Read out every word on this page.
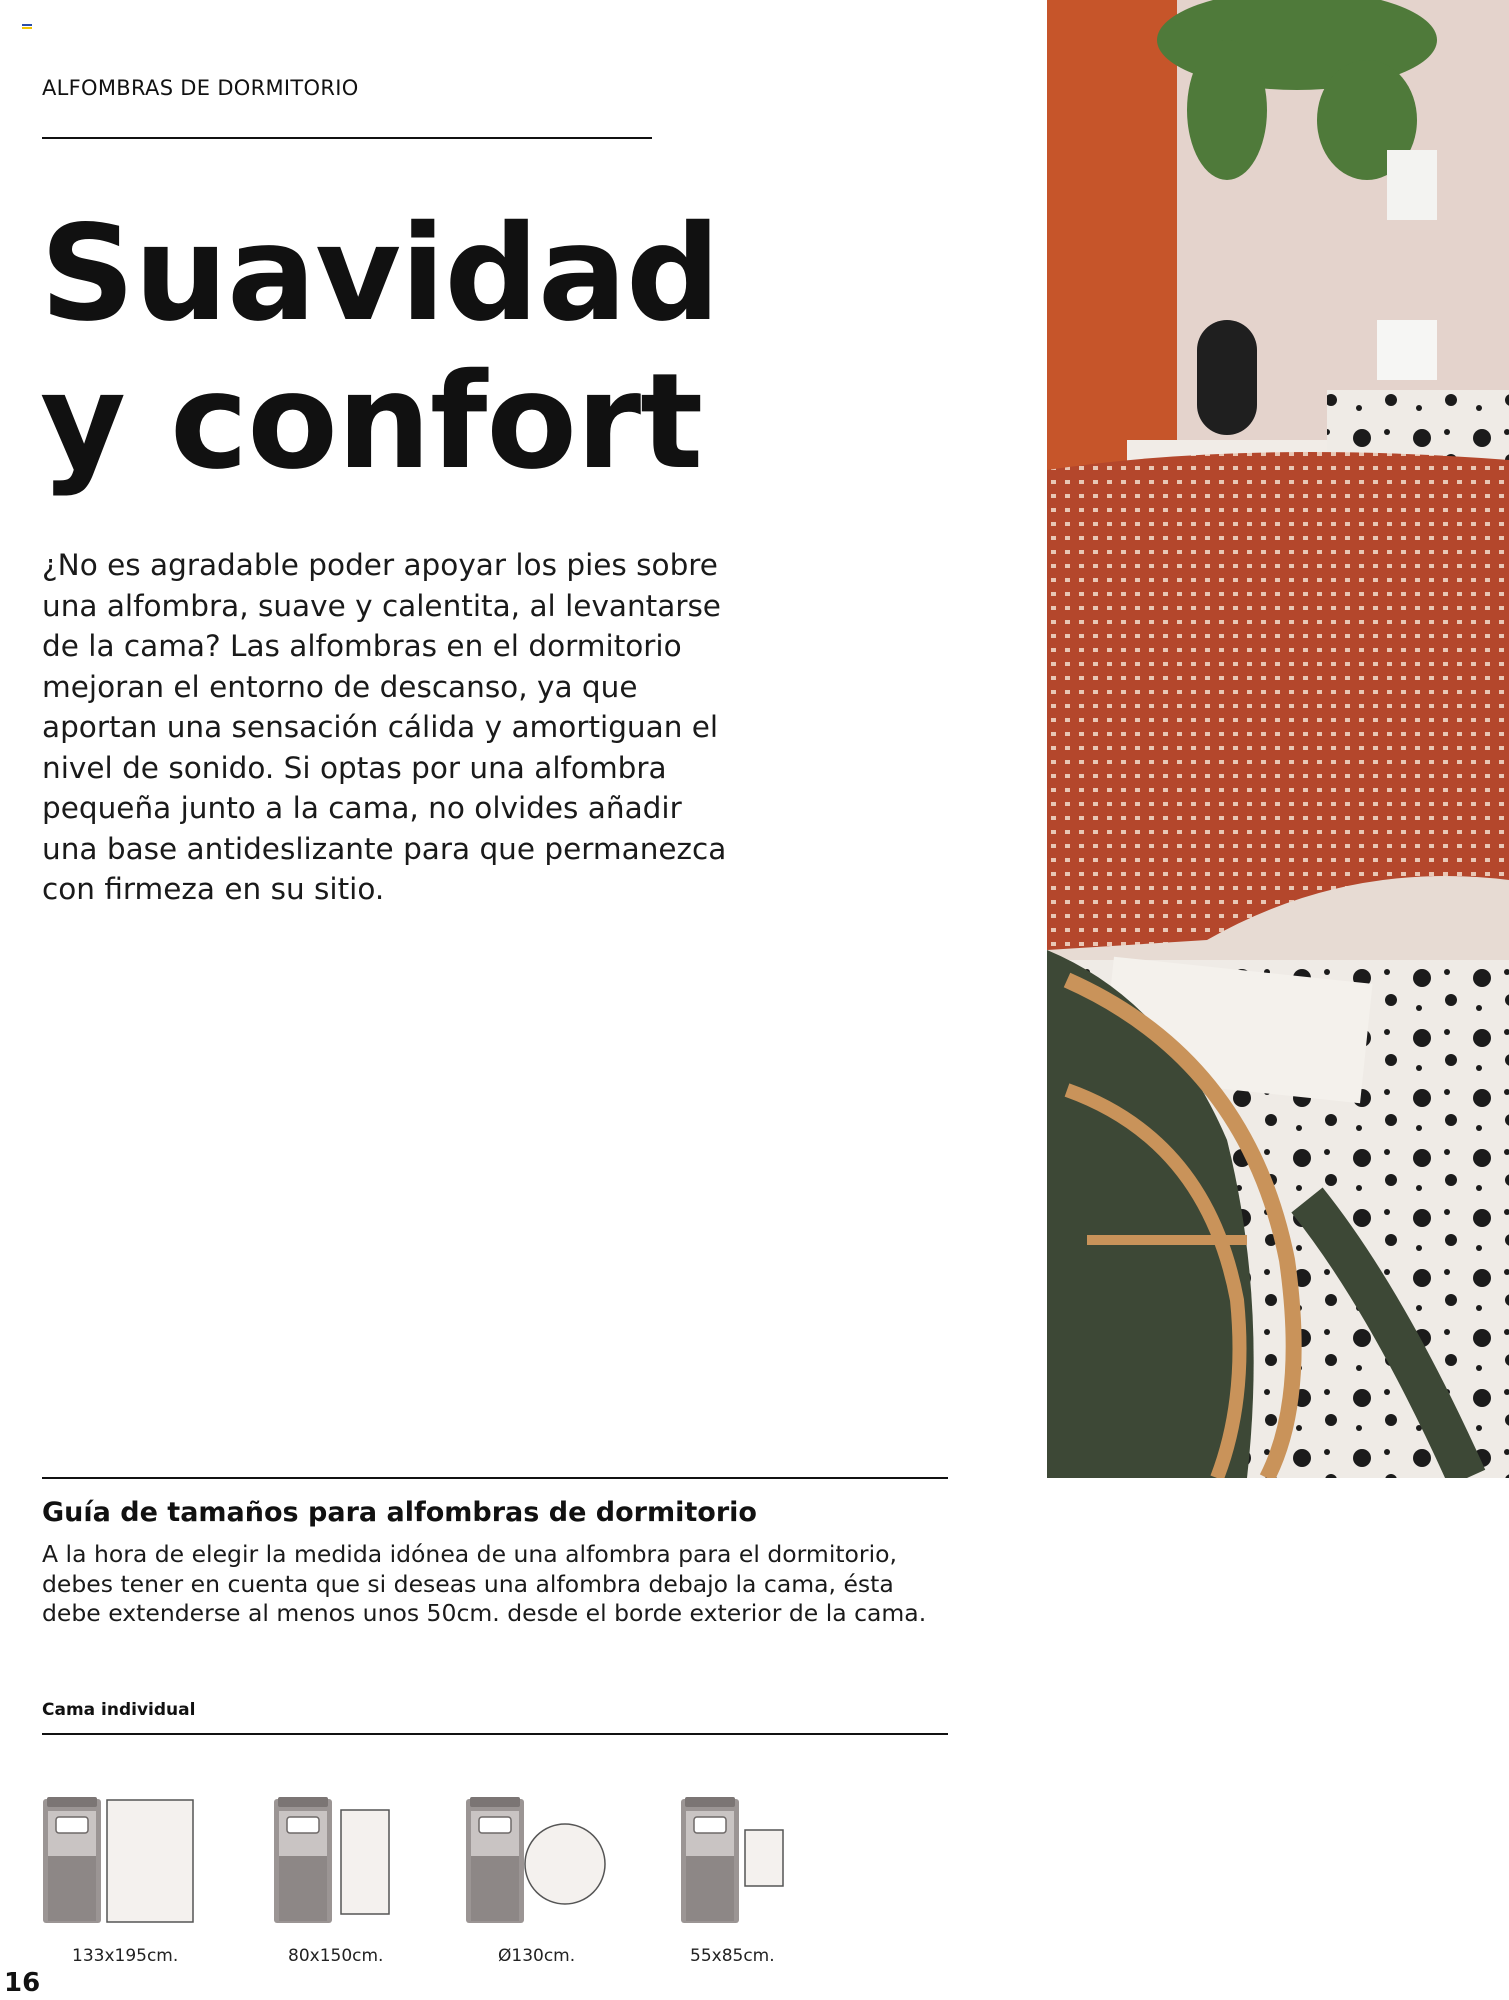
ALFOMBRAS DE DORMITORIO
Suavidad
y confort

¿No es agradable poder apoyar los pies sobre una alfombra, suave y calentita, al levantarse de la cama? Las alfombras en el dormitorio mejoran el entorno de descanso, ya que aportan una sensación cálida y amortiguan el nivel de sonido. Si optas por una alfombra pequeña junto a la cama, no olvides añadir una base antideslizante para que permanezca con firmeza en su sitio.

Guía de tamaños para alfombras de dormitorio

A la hora de elegir la medida idónea de una alfombra para el dormitorio, debes tener en cuenta que si deseas una alfombra debajo la cama, ésta debe extenderse al menos unos 50cm. desde el borde exterior de la cama.

Cama individual
133x195cm.	80x150cm.	Ø130cm.	55x85cm.
16
